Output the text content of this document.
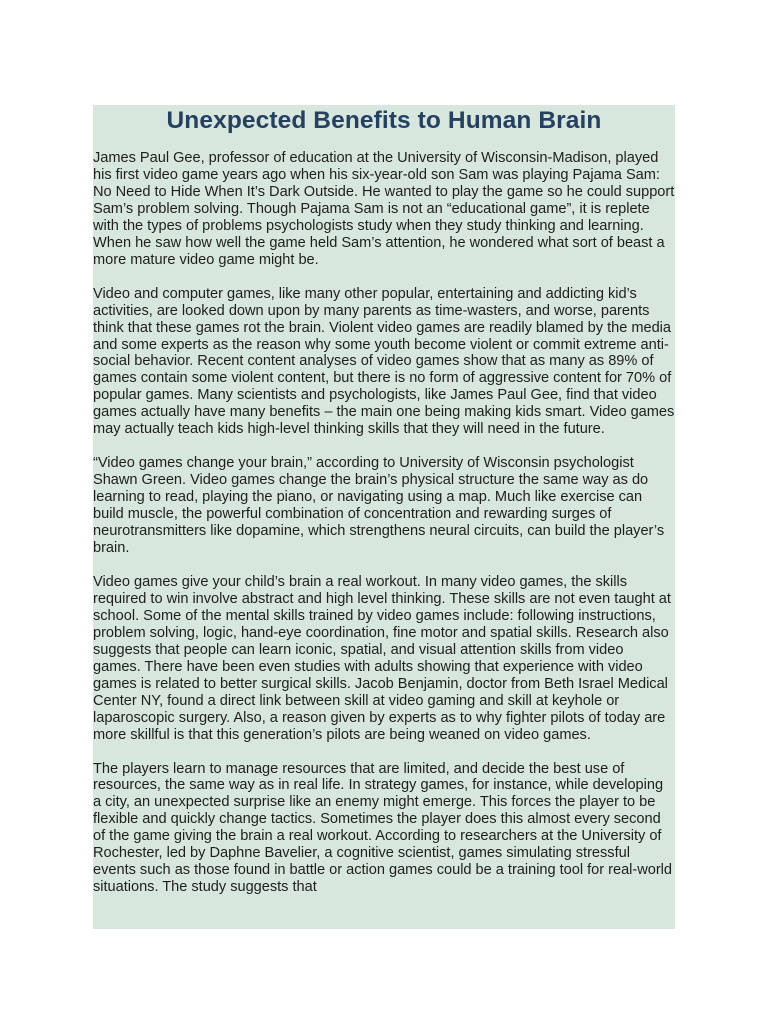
Unexpected Benefits to Human Brain

James Paul Gee, professor of education at the University of Wisconsin-Madison, played his first video game years ago when his six-year-old son Sam was playing Pajama Sam: No Need to Hide When It’s Dark Outside. He wanted to play the game so he could support Sam’s problem solving. Though Pajama Sam is not an “educational game”, it is replete with the types of problems psychologists study when they study thinking and learning. When he saw how well the game held Sam’s attention, he wondered what sort of beast a more mature video game might be.

Video and computer games, like many other popular, entertaining and addicting kid’s activities, are looked down upon by many parents as time-wasters, and worse, parents think that these games rot the brain. Violent video games are readily blamed by the media and some experts as the reason why some youth become violent or commit extreme anti-social behavior. Recent content analyses of video games show that as many as 89% of games contain some violent content, but there is no form of aggressive content for 70% of popular games. Many scientists and psychologists, like James Paul Gee, find that video games actually have many benefits – the main one being making kids smart. Video games may actually teach kids high-level thinking skills that they will need in the future.

“Video games change your brain,” according to University of Wisconsin psychologist Shawn Green. Video games change the brain’s physical structure the same way as do learning to read, playing the piano, or navigating using a map. Much like exercise can build muscle, the powerful combination of concentration and rewarding surges of neurotransmitters like dopamine, which strengthens neural circuits, can build the player’s brain.

Video games give your child’s brain a real workout. In many video games, the skills required to win involve abstract and high level thinking. These skills are not even taught at school. Some of the mental skills trained by video games include: following instructions, problem solving, logic, hand-eye coordination, fine motor and spatial skills. Research also suggests that people can learn iconic, spatial, and visual attention skills from video games. There have been even studies with adults showing that experience with video games is related to better surgical skills. Jacob Benjamin, doctor from Beth Israel Medical Center NY, found a direct link between skill at video gaming and skill at keyhole or laparoscopic surgery. Also, a reason given by experts as to why fighter pilots of today are more skillful is that this generation’s pilots are being weaned on video games.

The players learn to manage resources that are limited, and decide the best use of resources, the same way as in real life. In strategy games, for instance, while developing a city, an unexpected surprise like an enemy might emerge. This forces the player to be flexible and quickly change tactics. Sometimes the player does this almost every second of the game giving the brain a real workout. According to researchers at the University of Rochester, led by Daphne Bavelier, a cognitive scientist, games simulating stressful events such as those found in battle or action games could be a training tool for real-world situations. The study suggests that
